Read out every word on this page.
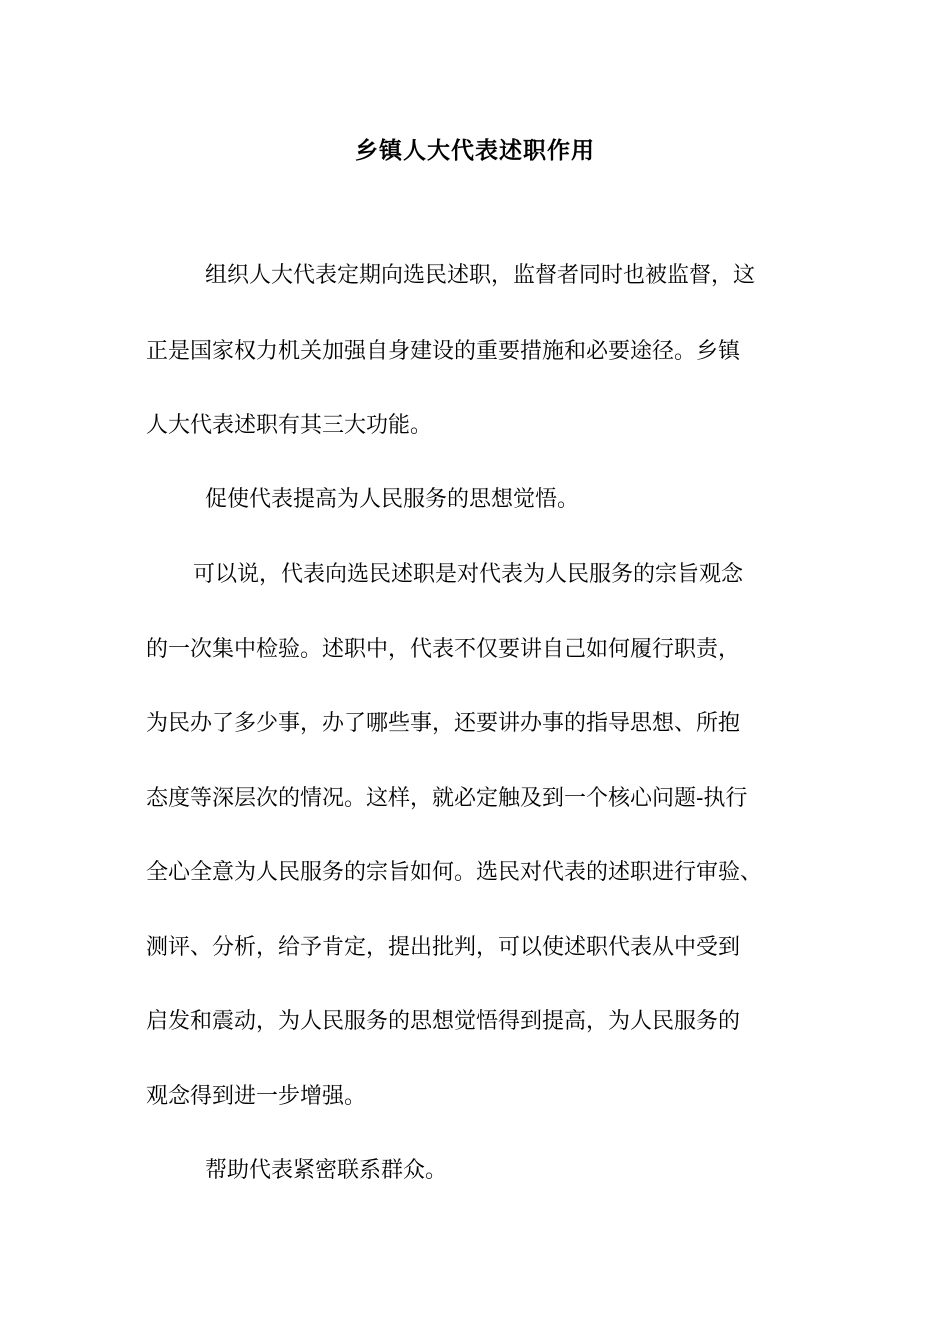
乡镇人大代表述职作用

组织人大代表定期向选民述职，监督者同时也被监督，这

正是国家权力机关加强自身建设的重要措施和必要途径。乡镇

人大代表述职有其三大功能。

促使代表提高为人民服务的思想觉悟。

可以说，代表向选民述职是对代表为人民服务的宗旨观念

的一次集中检验。述职中，代表不仅要讲自己如何履行职责，

为民办了多少事，办了哪些事，还要讲办事的指导思想、所抱

态度等深层次的情况。这样，就必定触及到一个核心问题-执行

全心全意为人民服务的宗旨如何。选民对代表的述职进行审验、

测评、分析，给予肯定，提出批判，可以使述职代表从中受到

启发和震动，为人民服务的思想觉悟得到提高，为人民服务的

观念得到进一步增强。

帮助代表紧密联系群众。
